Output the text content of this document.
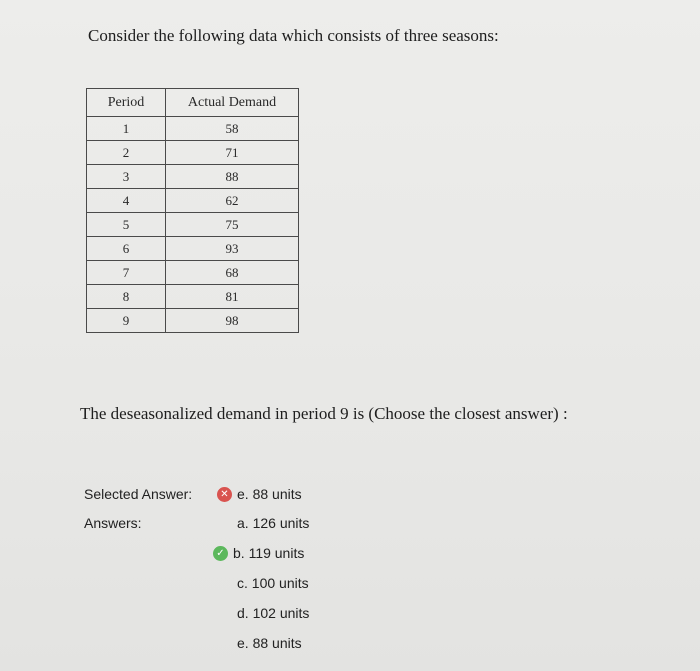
Consider the following data which consists of three seasons:
Period	Actual Demand
1	58
2	71
3	88
4	62
5	75
6	93
7	68
8	81
9	98
The deseasonalized demand in period 9 is (Choose the closest answer) :
Selected Answer:	✕ e. 88 units
Answers:	a. 126 units
✓ b. 119 units
c. 100 units
d. 102 units
e. 88 units
